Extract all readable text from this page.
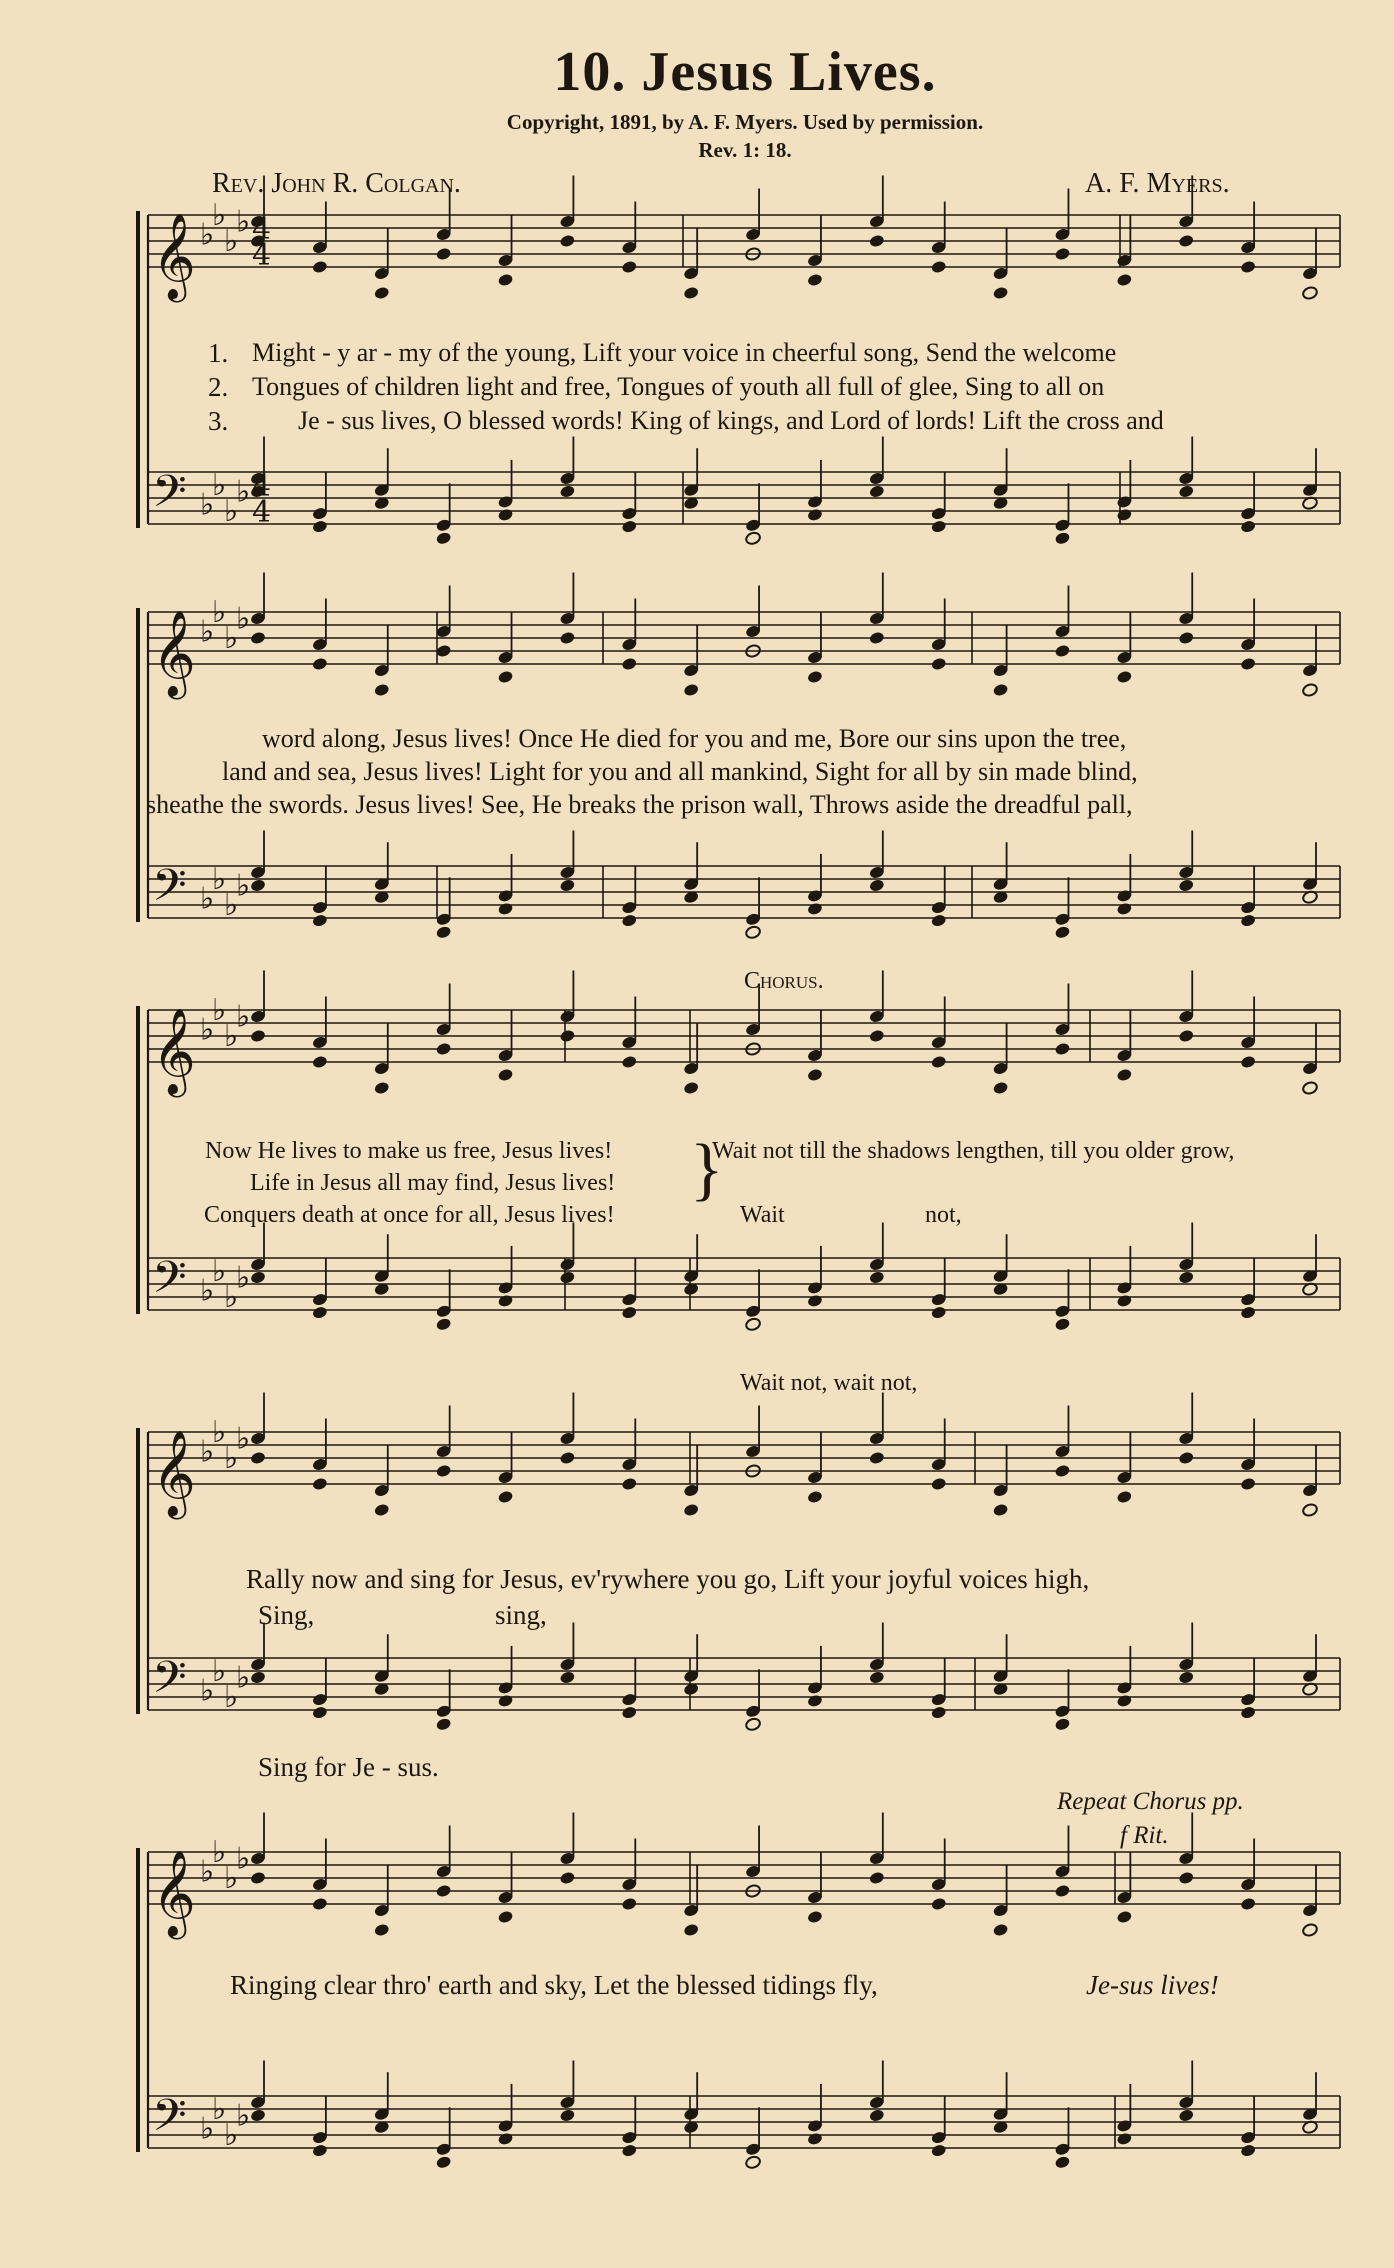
10. Jesus Lives.
Copyright, 1891, by A. F. Myers. Used by permission.
Rev. 1: 18.
Rev. John R. Colgan.	A. F. Myers.
𝄞
𝄢
♭
♭
♭
♭
♭
♭
♭
♭
𝄞
𝄢
♭
♭
♭
♭
♭
♭
♭
♭
𝄞
𝄢
♭
♭
♭
♭
♭
♭
♭
♭
𝄞
𝄢
♭
♭
♭
♭
♭
♭
♭
♭
𝄞
𝄢
♭
♭
♭
♭
♭
♭
♭
♭
4
4
4
4
1.
2.
3.
Might - y ar - my of the young, Lift your voice in cheerful song, Send the welcome
Tongues of children light and free, Tongues of youth all full of glee, Sing to all on
Je - sus lives, O blessed words! King of kings, and Lord of lords! Lift the cross and
word along, Jesus lives! Once He died for you and me, Bore our sins upon the tree,
land and sea, Jesus lives! Light for you and all mankind, Sight for all by sin made blind,
sheathe the swords. Jesus lives! See, He breaks the prison wall, Throws aside the dreadful pall,
Chorus.
Now He lives to make us free, Jesus lives!
Life in Jesus all may find, Jesus lives!
Conquers death at once for all, Jesus lives!
}
Wait not till the shadows lengthen, till you older grow,
Wait	not,
Wait not, wait not,
Rally now and sing for Jesus, ev'rywhere you go, Lift your joyful voices high,
Sing,	sing,
Sing for Je - sus.
Repeat Chorus pp.
f Rit.
Ringing clear thro' earth and sky, Let the blessed tidings fly,	Je-sus lives!
